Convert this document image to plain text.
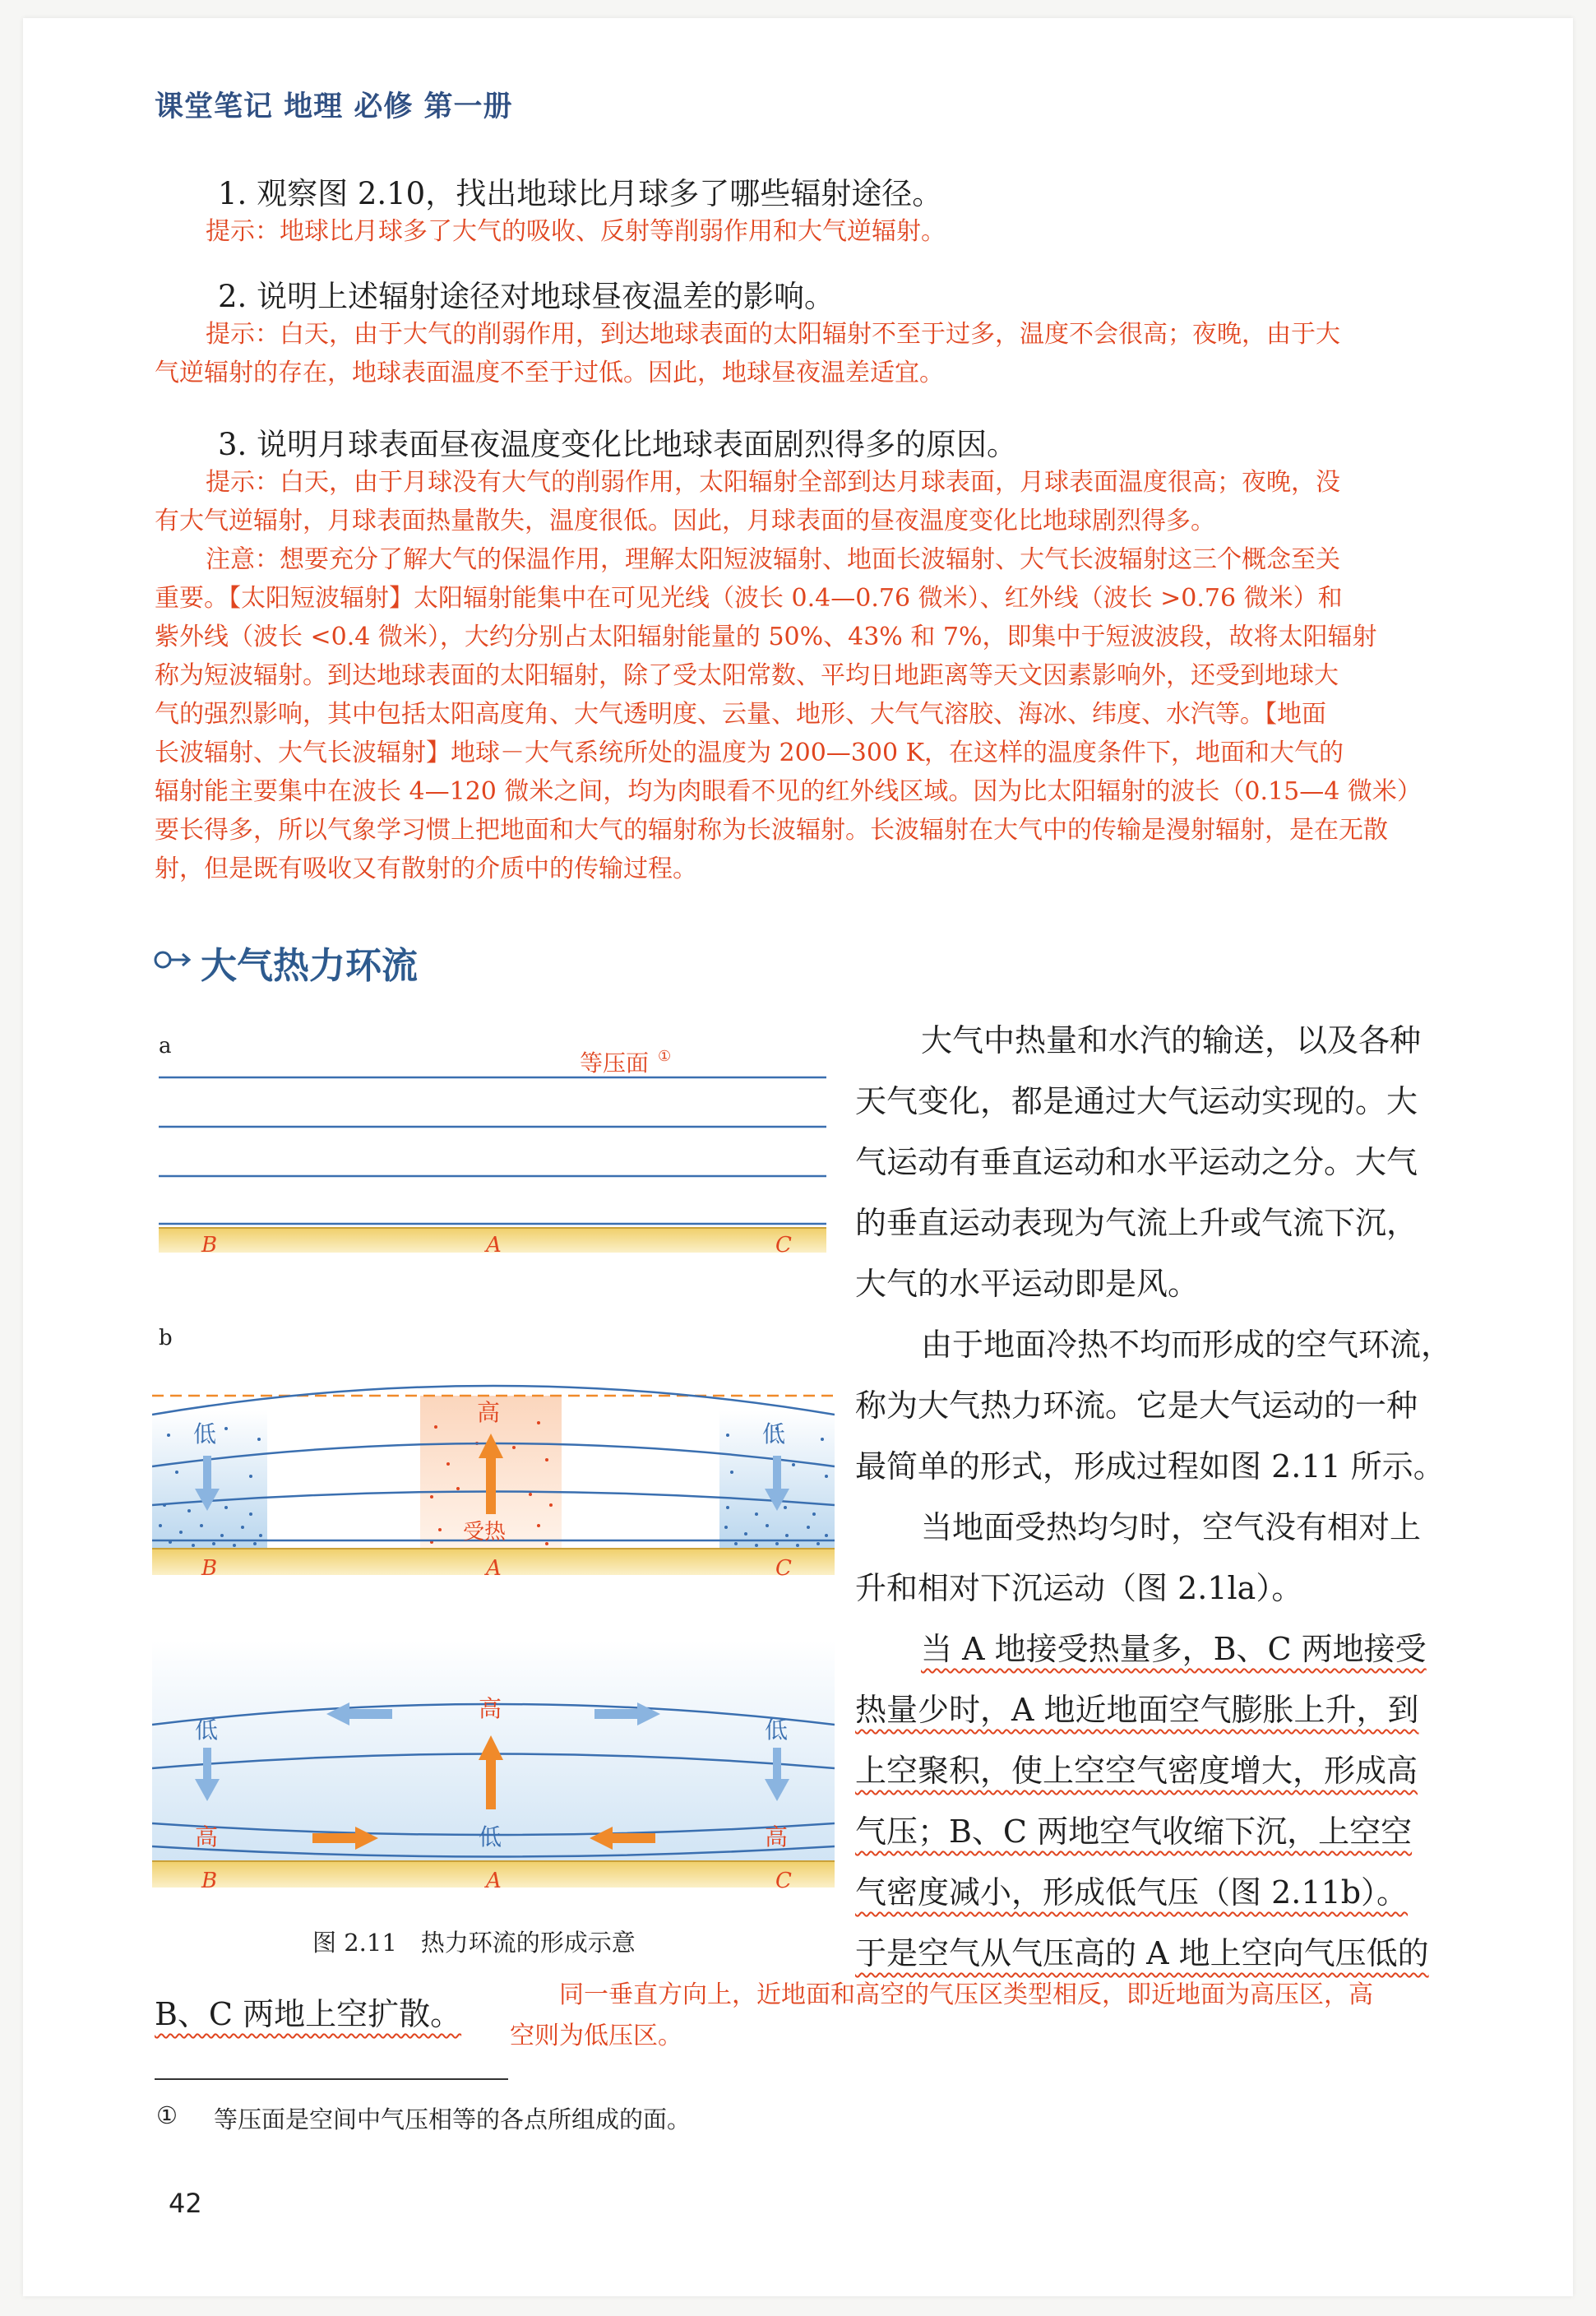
课堂笔记 地理 必修 第一册
1. 观察图 2.10，找出地球比月球多了哪些辐射途径。
提示：地球比月球多了大气的吸收、反射等削弱作用和大气逆辐射。
2. 说明上述辐射途径对地球昼夜温差的影响。
提示：白天，由于大气的削弱作用，到达地球表面的太阳辐射不至于过多，温度不会很高；夜晚，由于大
气逆辐射的存在，地球表面温度不至于过低。因此，地球昼夜温差适宜。
3. 说明月球表面昼夜温度变化比地球表面剧烈得多的原因。
提示：白天，由于月球没有大气的削弱作用，太阳辐射全部到达月球表面，月球表面温度很高；夜晚，没
有大气逆辐射，月球表面热量散失，温度很低。因此，月球表面的昼夜温度变化比地球剧烈得多。
注意：想要充分了解大气的保温作用，理解太阳短波辐射、地面长波辐射、大气长波辐射这三个概念至关
重要。【太阳短波辐射】太阳辐射能集中在可见光线（波长 0.4—0.76 微米）、红外线（波长 >0.76 微米）和
紫外线（波长 <0.4 微米），大约分别占太阳辐射能量的 50%、43% 和 7%，即集中于短波波段，故将太阳辐射
称为短波辐射。到达地球表面的太阳辐射，除了受太阳常数、平均日地距离等天文因素影响外，还受到地球大
气的强烈影响，其中包括太阳高度角、大气透明度、云量、地形、大气气溶胶、海冰、纬度、水汽等。【地面
长波辐射、大气长波辐射】地球－大气系统所处的温度为 200—300 K，在这样的温度条件下，地面和大气的
辐射能主要集中在波长 4—120 微米之间，均为肉眼看不见的红外线区域。因为比太阳辐射的波长（0.15—4 微米）
要长得多，所以气象学习惯上把地面和大气的辐射称为长波辐射。长波辐射在大气中的传输是漫射辐射，是在无散
射，但是既有吸收又有散射的介质中的传输过程。
大气热力环流
a
等压面 ①
B	A	C
b
高
低	低
受热
B	A	C
高
低	低
低
高	高
B	A	C
图 2.11　热力环流的形成示意
大气中热量和水汽的输送，以及各种
天气变化，都是通过大气运动实现的。大
气运动有垂直运动和水平运动之分。大气
的垂直运动表现为气流上升或气流下沉，
大气的水平运动即是风。
由于地面冷热不均而形成的空气环流，
称为大气热力环流。它是大气运动的一种
最简单的形式，形成过程如图 2.11 所示。
当地面受热均匀时，空气没有相对上
升和相对下沉运动（图 2.1la）。
当 A 地接受热量多，B、C 两地接受
热量少时，A 地近地面空气膨胀上升，到
上空聚积，使上空空气密度增大，形成高
气压；B、C 两地空气收缩下沉，上空空
气密度减小，形成低气压（图 2.11b）。
于是空气从气压高的 A 地上空向气压低的
B、C 两地上空扩散。
同一垂直方向上，近地面和高空的气压区类型相反，即近地面为高压区，高
空则为低压区。
① 等压面是空间中气压相等的各点所组成的面。
42
